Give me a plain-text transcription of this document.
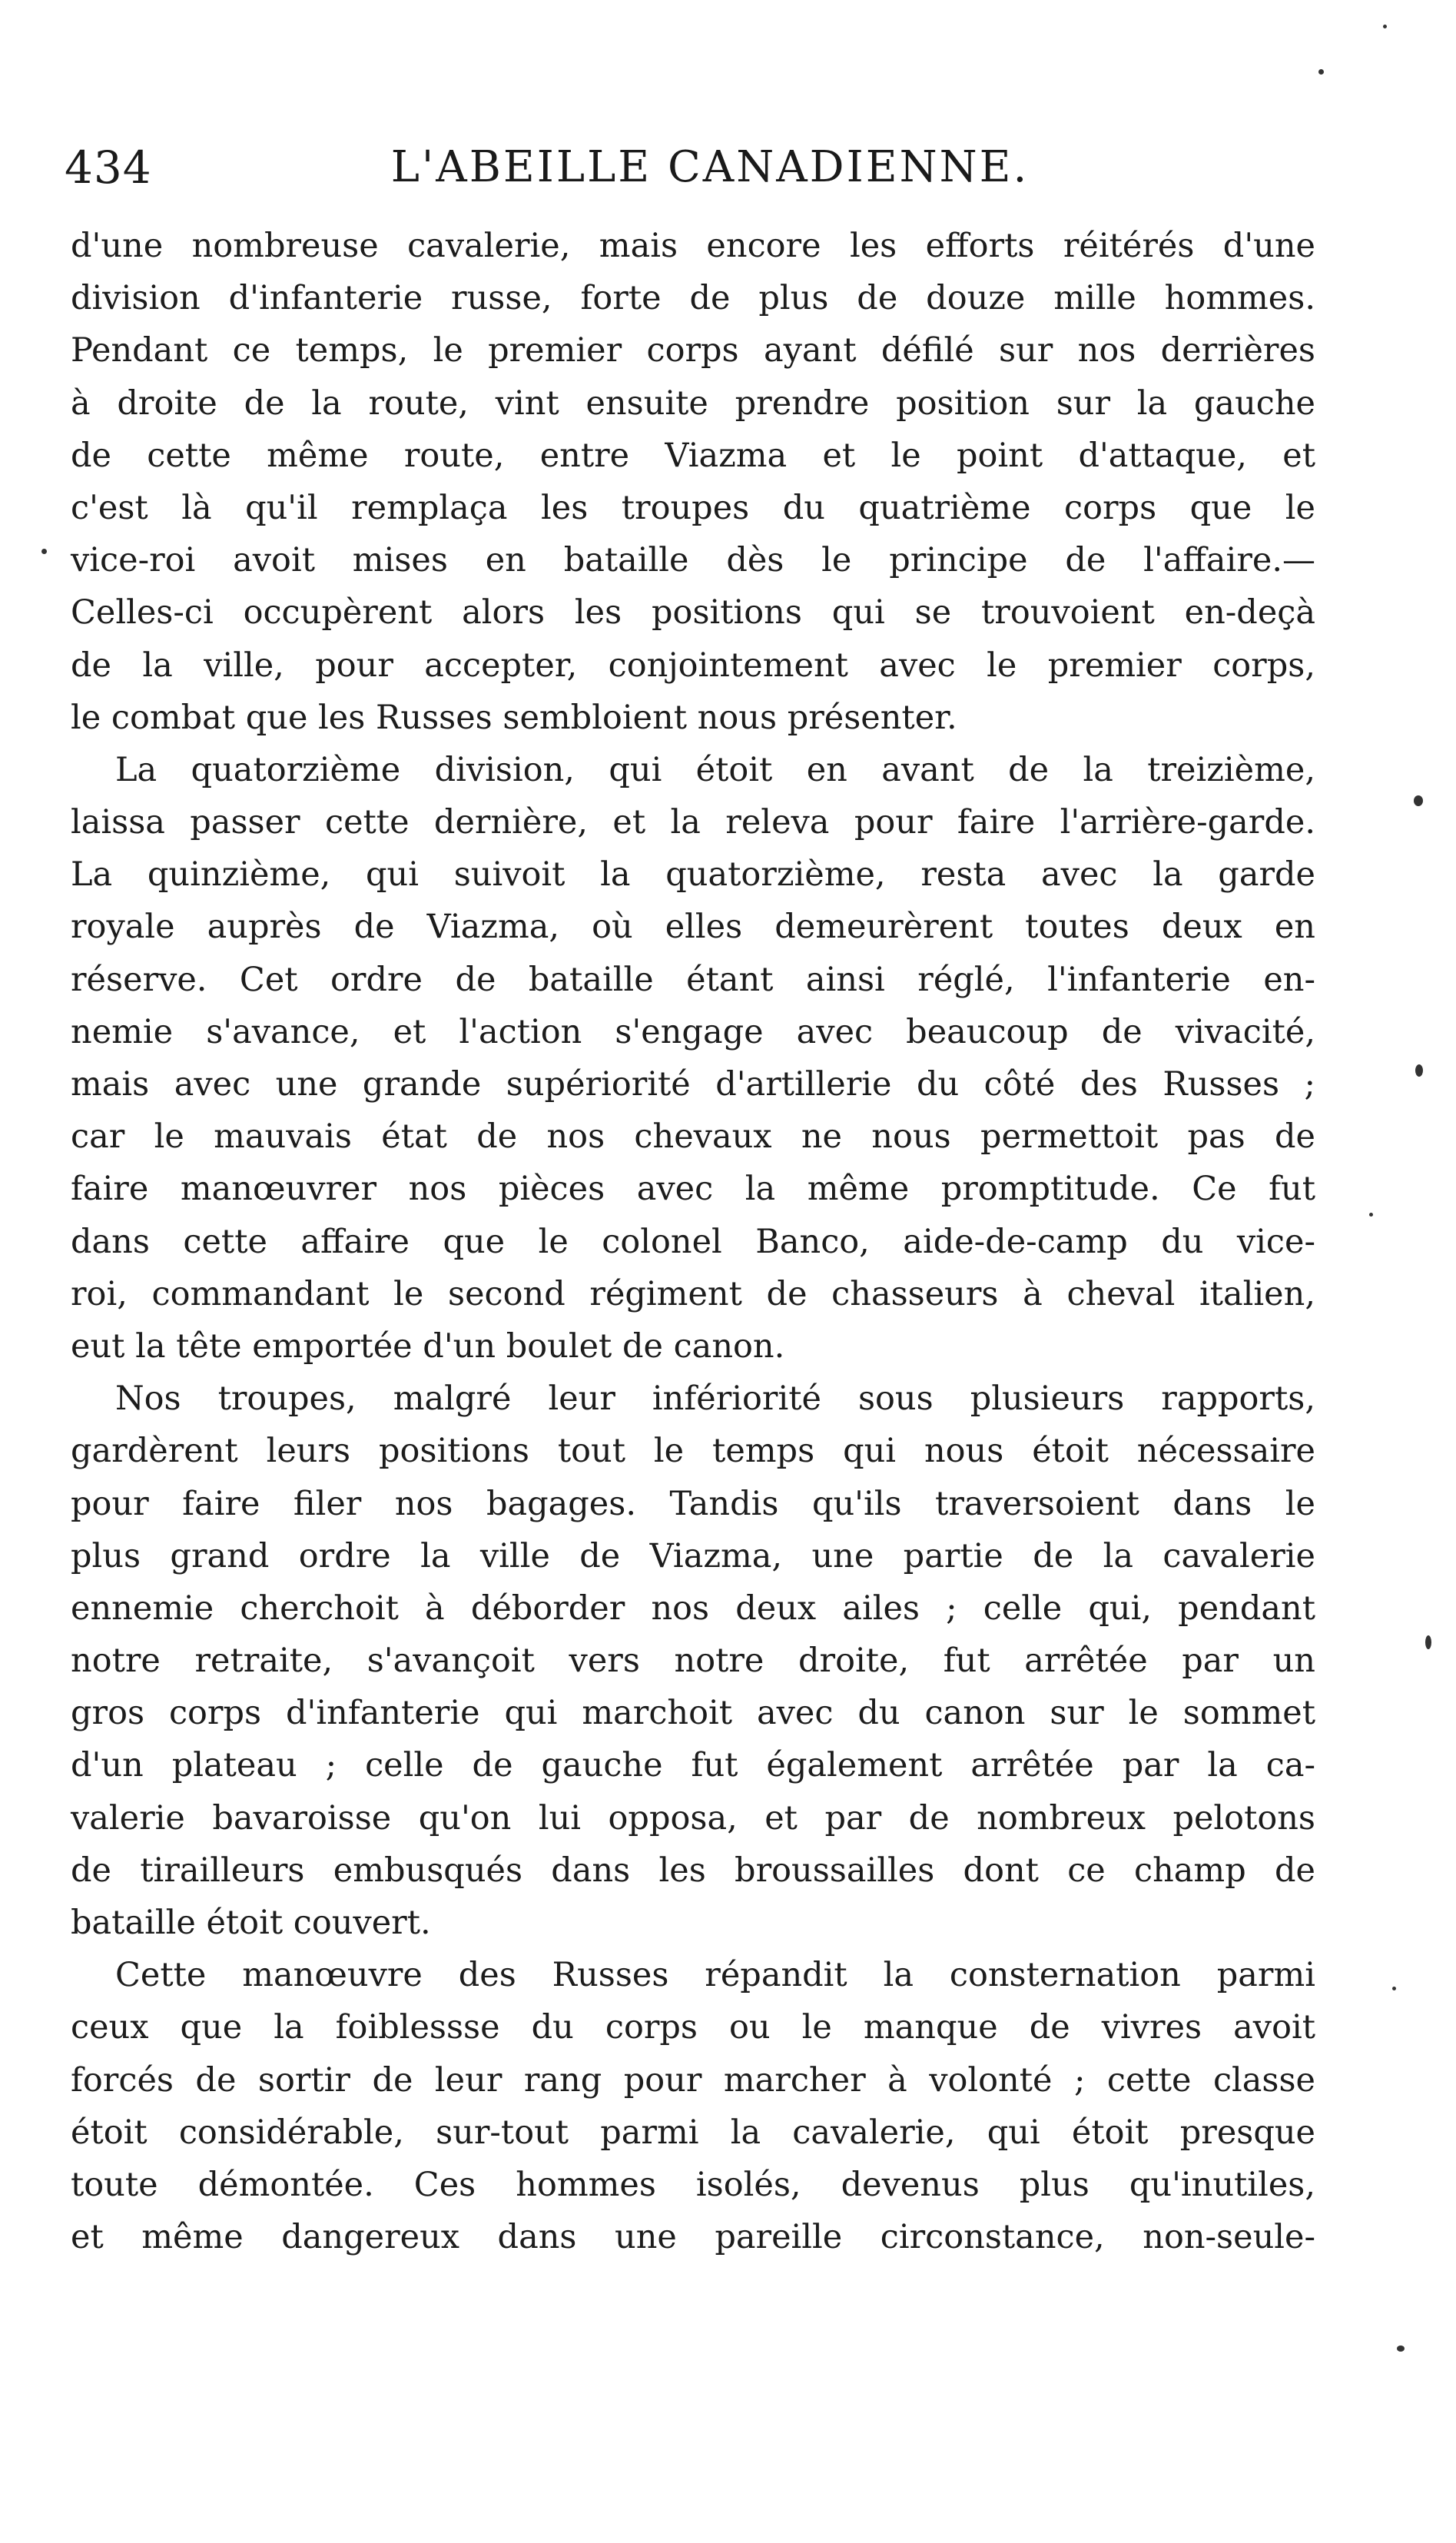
434	L'ABEILLE CANADIENNE.
d'une nombreuse cavalerie, mais encore les efforts réitérés d'une
division d'infanterie russe, forte de plus de douze mille hommes.
Pendant ce temps, le premier corps ayant défilé sur nos derrières
à droite de la route, vint ensuite prendre position sur la gauche
de cette même route, entre Viazma et le point d'attaque, et
c'est là qu'il remplaça les troupes du quatrième corps que le
vice-roi avoit mises en bataille dès le principe de l'affaire.—
Celles-ci occupèrent alors les positions qui se trouvoient en-deçà
de la ville, pour accepter, conjointement avec le premier corps,
le combat que les Russes sembloient nous présenter.
La quatorzième division, qui étoit en avant de la treizième,
laissa passer cette dernière, et la releva pour faire l'arrière-garde.
La quinzième, qui suivoit la quatorzième, resta avec la garde
royale auprès de Viazma, où elles demeurèrent toutes deux en
réserve. Cet ordre de bataille étant ainsi réglé, l'infanterie en-
nemie s'avance, et l'action s'engage avec beaucoup de vivacité,
mais avec une grande supériorité d'artillerie du côté des Russes ;
car le mauvais état de nos chevaux ne nous permettoit pas de
faire manœuvrer nos pièces avec la même promptitude. Ce fut
dans cette affaire que le colonel Banco, aide-de-camp du vice-
roi, commandant le second régiment de chasseurs à cheval italien,
eut la tête emportée d'un boulet de canon.
Nos troupes, malgré leur infériorité sous plusieurs rapports,
gardèrent leurs positions tout le temps qui nous étoit nécessaire
pour faire filer nos bagages. Tandis qu'ils traversoient dans le
plus grand ordre la ville de Viazma, une partie de la cavalerie
ennemie cherchoit à déborder nos deux ailes ; celle qui, pendant
notre retraite, s'avançoit vers notre droite, fut arrêtée par un
gros corps d'infanterie qui marchoit avec du canon sur le sommet
d'un plateau ; celle de gauche fut également arrêtée par la ca-
valerie bavaroisse qu'on lui opposa, et par de nombreux pelotons
de tirailleurs embusqués dans les broussailles dont ce champ de
bataille étoit couvert.
Cette manœuvre des Russes répandit la consternation parmi
ceux que la foiblessse du corps ou le manque de vivres avoit
forcés de sortir de leur rang pour marcher à volonté ; cette classe
étoit considérable, sur-tout parmi la cavalerie, qui étoit presque
toute démontée. Ces hommes isolés, devenus plus qu'inutiles,
et même dangereux dans une pareille circonstance, non-seule-
